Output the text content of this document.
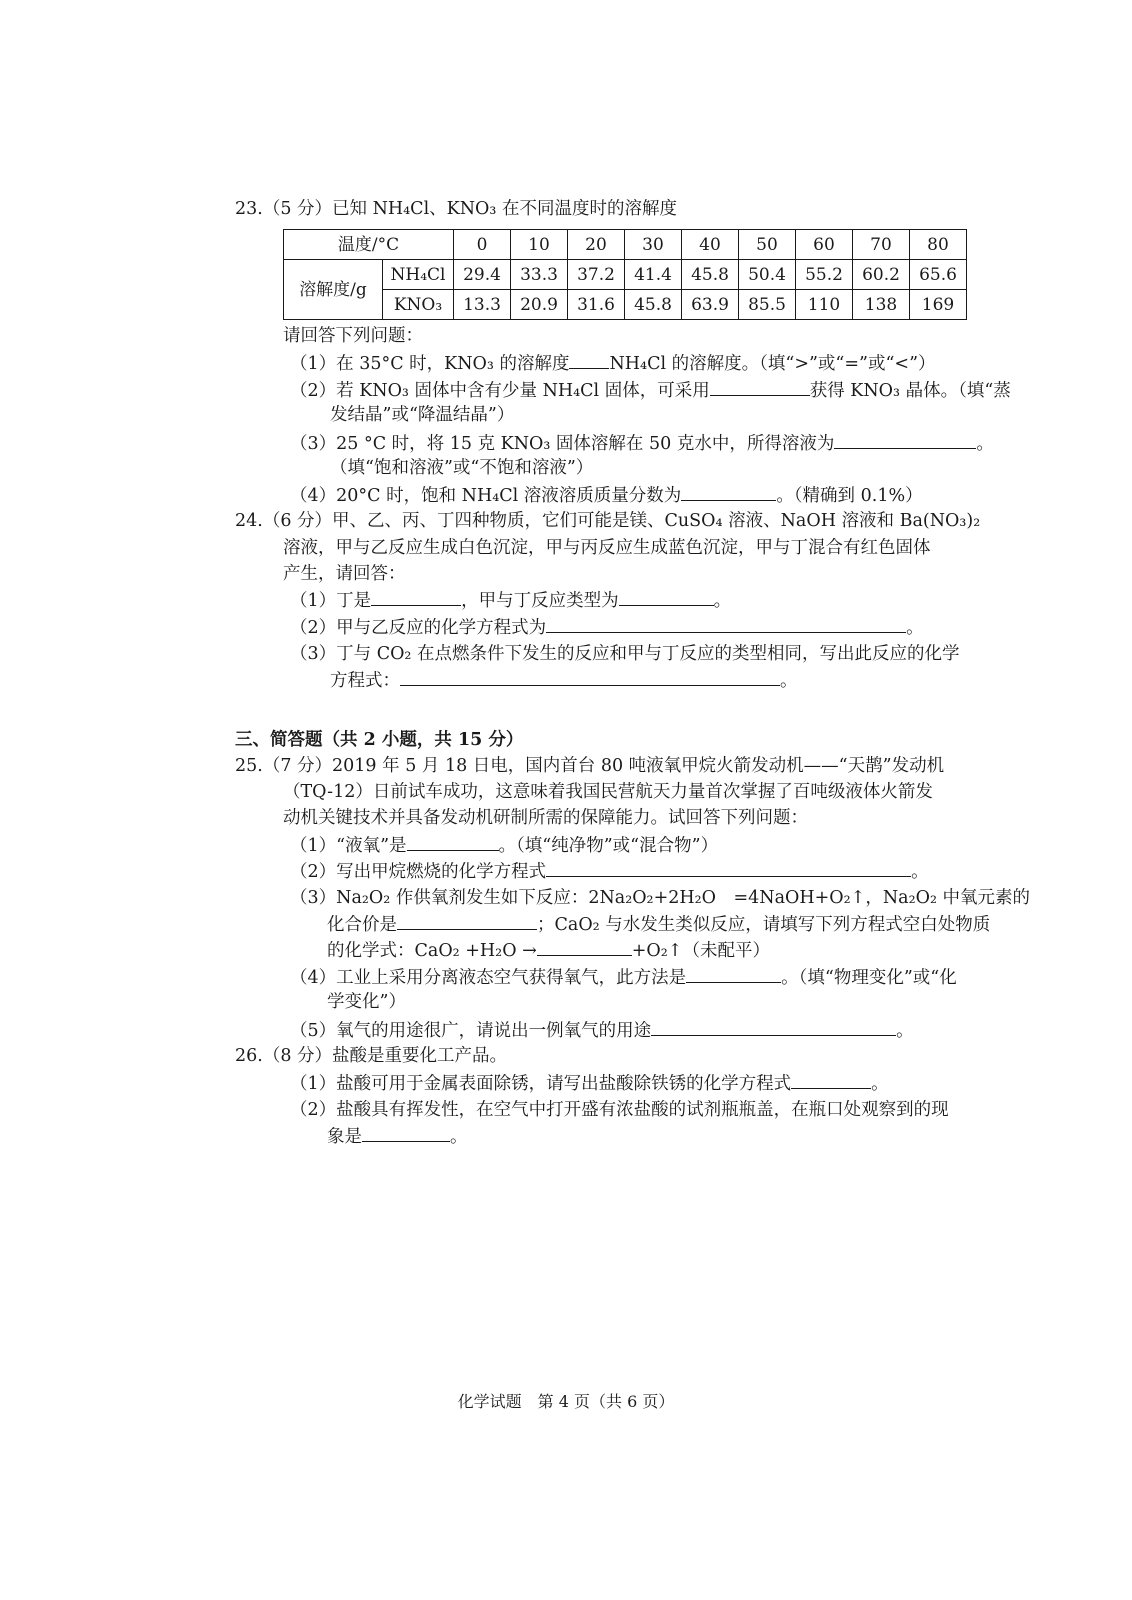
23.（5 分）已知 NH₄Cl、KNO₃ 在不同温度时的溶解度
温度/°C		0	10	20	30	40	50	60	70	80
溶解度/g	NH₄Cl	29.4	33.3	37.2	41.4	45.8	50.4	55.2	60.2	65.6
	KNO₃	13.3	20.9	31.6	45.8	63.9	85.5	110	138	169
请回答下列问题：
（1）在 35°C 时，KNO₃ 的溶解度 NH₄Cl 的溶解度。（填“>”或“=”或“<”）
（2）若 KNO₃ 固体中含有少量 NH₄Cl 固体，可采用	获得 KNO₃ 晶体。（填“蒸
发结晶”或“降温结晶”）
（3）25 °C 时，将 15 克 KNO₃ 固体溶解在 50 克水中，所得溶液为	。
（填“饱和溶液”或“不饱和溶液”）
（4）20°C 时，饱和 NH₄Cl 溶液溶质质量分数为	。（精确到 0.1%）
24.（6 分）甲、乙、丙、丁四种物质，它们可能是镁、CuSO₄ 溶液、NaOH 溶液和 Ba(NO₃)₂
溶液，甲与乙反应生成白色沉淀，甲与丙反应生成蓝色沉淀，甲与丁混合有红色固体
产生，请回答：
（1）丁是	，甲与丁反应类型为	。
（2）甲与乙反应的化学方程式为	。
（3）丁与 CO₂ 在点燃条件下发生的反应和甲与丁反应的类型相同，写出此反应的化学
方程式：	。
三、简答题（共 2 小题，共 15 分）
25.（7 分）2019 年 5 月 18 日电，国内首台 80 吨液氧甲烷火箭发动机——“天鹊”发动机
（TQ-12）日前试车成功，这意味着我国民营航天力量首次掌握了百吨级液体火箭发
动机关键技术并具备发动机研制所需的保障能力。试回答下列问题：
（1）“液氧”是	。（填“纯净物”或“混合物”）
（2）写出甲烷燃烧的化学方程式	。
（3）Na₂O₂ 作供氧剂发生如下反应：2Na₂O₂+2H₂O　=4NaOH+O₂↑，Na₂O₂ 中氧元素的
化合价是	；CaO₂ 与水发生类似反应，请填写下列方程式空白处物质
的化学式：CaO₂ +H₂O →	+O₂↑（未配平）
（4）工业上采用分离液态空气获得氧气，此方法是	。（填“物理变化”或“化
学变化”）
（5）氧气的用途很广，请说出一例氧气的用途	。
26.（8 分）盐酸是重要化工产品。
（1）盐酸可用于金属表面除锈，请写出盐酸除铁锈的化学方程式	。
（2）盐酸具有挥发性，在空气中打开盛有浓盐酸的试剂瓶瓶盖，在瓶口处观察到的现
象是	。
化学试题　第 4 页（共 6 页）
